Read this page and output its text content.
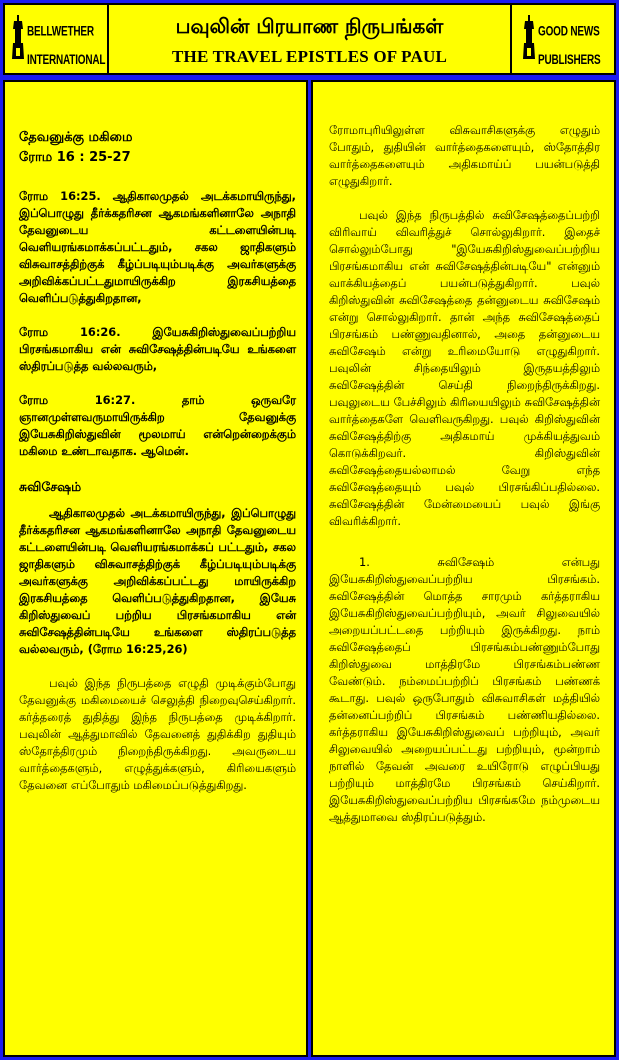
BELLWETHER INTERNATIONAL
பவுலின் பிரயாண நிருபங்கள்
THE TRAVEL EPISTLES OF PAUL
GOOD NEWS PUBLISHERS
தேவனுக்கு மகிமை
ரோம 16 : 25-27

ரோம 16:25. ஆதிகாலமுதல் அடக்கமாயிருந்து, இப்பொழுது தீர்க்கதரிசன ஆகமங்களினாலே அநாதி தேவனுடைய கட்டளையின்படி வெளியரங்கமாக்கப்பட்டதும், சகல ஜாதிகளும் விசுவாசத்திற்குக் கீழ்ப்படியும்படிக்கு அவர்களுக்கு அறிவிக்கப்பட்டதுமாயிருக்கிற இரகசியத்தை வெளிப்படுத்துகிறதான,

ரோம 16:26. இயேசுகிறிஸ்துவைப்பற்றிய பிரசங்கமாகிய என் சுவிசேஷத்தின்படியே உங்களை ஸ்திரப்படுத்த வல்லவரும்,

ரோம 16:27. தாம் ஒருவரே ஞானமுள்ளவருமாயிருக்கிற தேவனுக்கு இயேசுகிறிஸ்துவின் மூலமாய் என்றென்றைக்கும் மகிமை உண்டாவதாக. ஆமென்.

சுவிசேஷம்

ஆதிகாலமுதல் அடக்கமாயிருந்து, இப்பொழுது தீர்க்கதரிசன ஆகமங்களினாலே அநாதி தேவனுடைய கட்டளையின்படி வெளியரங்கமாக்கப் பட்டதும், சகல ஜாதிகளும் விசுவாசத்திற்குக் கீழ்ப்படியும்படிக்கு அவர்களுக்கு அறிவிக்கப்பட்டது மாயிருக்கிற இரகசியத்தை வெளிப்படுத்துகிறதான, இயேசு கிறிஸ்துவைப் பற்றிய பிரசங்கமாகிய என் சுவிசேஷத்தின்படியே உங்களை ஸ்திரப்படுத்த வல்லவரும், (ரோம 16:25,26)

பவுல் இந்த நிருபத்தை எழுதி முடிக்கும்போது தேவனுக்கு மகிமையைச் செலுத்தி நிறைவுசெய்கிறார். கர்த்தரைத் துதித்து இந்த நிருபத்தை முடிக்கிறார். பவுலின் ஆத்துமாவில் தேவனைத் துதிக்கிற துதியும் ஸ்தோத்திரமும் நிறைந்திருக்கிறது. அவருடைய வார்த்தைகளும், எழுத்துக்களும், கிரியைகளும் தேவனை எப்போதும் மகிமைப்படுத்துகிறது.

ரோமாபுரியிலுள்ள விசுவாசிகளுக்கு எழுதும் போதும், துதியின் வார்த்தைகளையும், ஸ்தோத்திர வார்த்தைகளையும் அதிகமாய்ப் பயன்படுத்தி எழுதுகிறார்.

பவுல் இந்த நிருபத்தில் சுவிசேஷத்தைப்பற்றி விரிவாய் விவரித்துச் சொல்லுகிறார். இதைச் சொல்லும்போது "இயேசுகிறிஸ்துவைப்பற்றிய பிரசங்கமாகிய என் சுவிசேஷத்தின்படியே" என்னும் வாக்கியத்தைப் பயன்படுத்துகிறார். பவுல் கிறிஸ்துவின் சுவிசேஷத்தை தன்னுடைய சுவிசேஷம் என்று சொல்லுகிறார். தான் அந்த சுவிசேஷத்தைப் பிரசங்கம் பண்ணுவதினால், அதை தன்னுடைய சுவிசேஷம் என்று உரிமையோடு எழுதுகிறார். பவுலின் சிந்தையிலும் இருதயத்திலும் சுவிசேஷத்தின் செய்தி நிறைந்திருக்கிறது. பவுலுடைய பேச்சிலும் கிரியையிலும் சுவிசேஷத்தின் வார்த்தைகளே வெளிவருகிறது. பவுல் கிறிஸ்துவின் சுவிசேஷத்திற்கு அதிகமாய் முக்கியத்துவம் கொடுக்கிறவர். கிறிஸ்துவின் சுவிசேஷத்தையல்லாமல் வேறு எந்த சுவிசேஷத்தையும் பவுல் பிரசங்கிப்பதில்லை. சுவிசேஷத்தின் மேன்மையைப் பவுல் இங்கு விவரிக்கிறார்.

1. சுவிசேஷம் என்பது இயேசுகிறிஸ்துவைப்பற்றிய பிரசங்கம். சுவிசேஷத்தின் மொத்த சாரமும் கர்த்தராகிய இயேசுகிறிஸ்துவைப்பற்றியும், அவர் சிலுவையில் அறையப்பட்டதை பற்றியும் இருக்கிறது. நாம் சுவிசேஷத்தைப் பிரசங்கம்பண்ணும்போது கிறிஸ்துவை மாத்திரமே பிரசங்கம்பண்ண வேண்டும். நம்மைப்பற்றிப் பிரசங்கம் பண்ணக் கூடாது. பவுல் ஒருபோதும் விசுவாசிகள் மத்தியில் தன்னைப்பற்றிப் பிரசங்கம் பண்ணியதில்லை. கர்த்தராகிய இயேசுகிறிஸ்துவைப் பற்றியும், அவர் சிலுவையில் அறையப்பட்டது பற்றியும், மூன்றாம் நாளில் தேவன் அவரை உயிரோடு எழுப்பியது பற்றியும் மாத்திரமே பிரசங்கம் செய்கிறார். இயேசுகிறிஸ்துவைப்பற்றிய பிரசங்கமே நம்முடைய ஆத்துமாவை ஸ்திரப்படுத்தும்.
